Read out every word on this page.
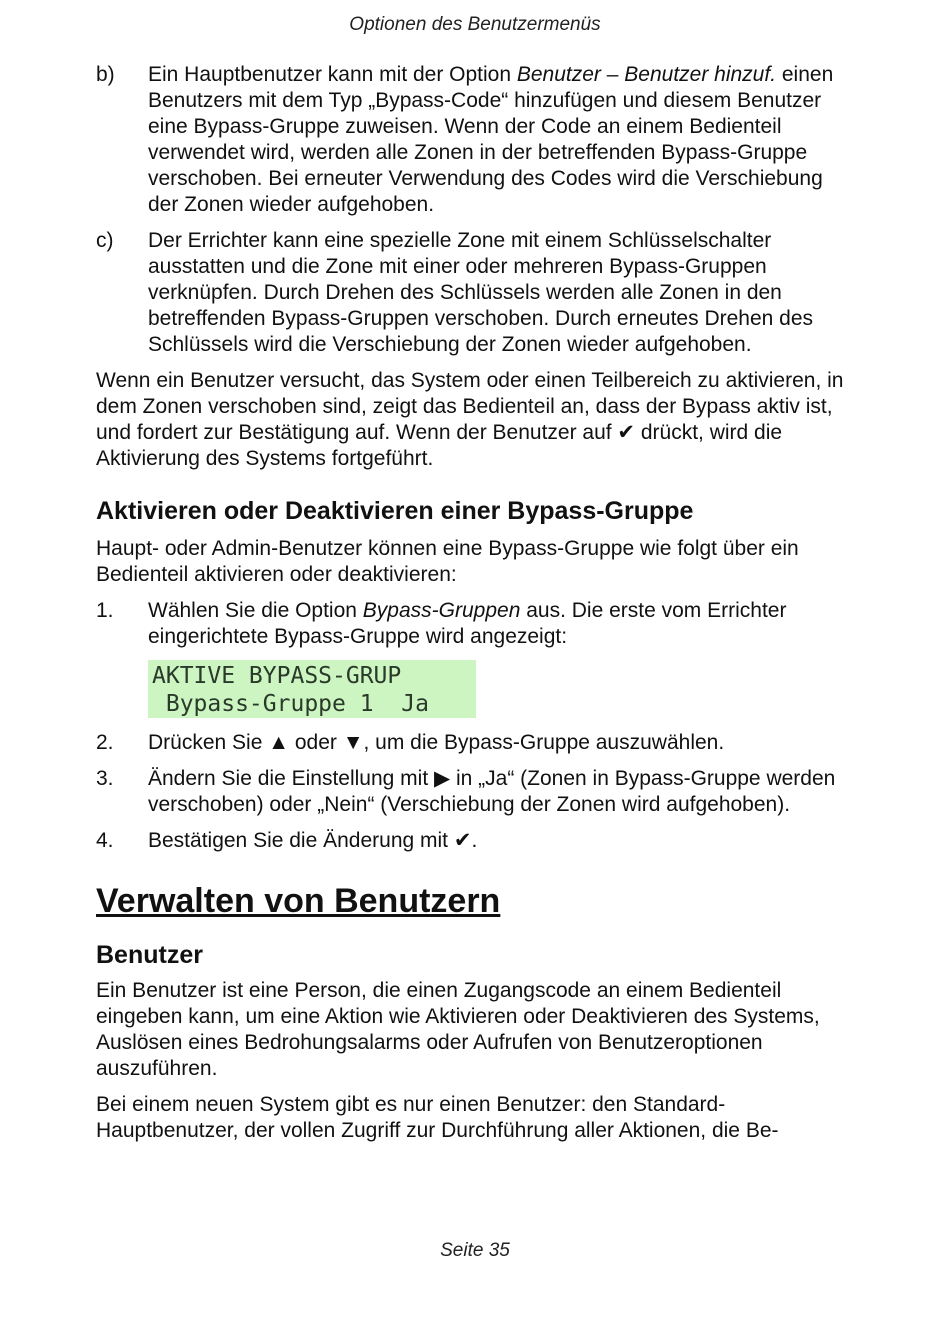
Optionen des Benutzermenüs
b)	Ein Hauptbenutzer kann mit der Option Benutzer – Benutzer hinzuf. einen Benutzers mit dem Typ „Bypass-Code“ hinzufügen und diesem Benutzer eine Bypass-Gruppe zuweisen. Wenn der Code an einem Bedienteil verwendet wird, werden alle Zonen in der betreffenden Bypass-Gruppe verschoben. Bei erneuter Verwendung des Codes wird die Verschiebung der Zonen wieder aufgehoben.
c)	Der Errichter kann eine spezielle Zone mit einem Schlüsselschalter ausstatten und die Zone mit einer oder mehreren Bypass-Gruppen verknüpfen. Durch Drehen des Schlüssels werden alle Zonen in den betreffenden Bypass-Gruppen verschoben. Durch erneutes Drehen des Schlüssels wird die Verschiebung der Zonen wieder aufgehoben.

Wenn ein Benutzer versucht, das System oder einen Teilbereich zu aktivieren, in dem Zonen verschoben sind, zeigt das Bedienteil an, dass der Bypass aktiv ist, und fordert zur Bestätigung auf. Wenn der Benutzer auf ✔ drückt, wird die Aktivierung des Systems fortgeführt.

Aktivieren oder Deaktivieren einer Bypass-Gruppe

Haupt- oder Admin-Benutzer können eine Bypass-Gruppe wie folgt über ein Bedienteil aktivieren oder deaktivieren:

1.	Wählen Sie die Option Bypass-Gruppen aus. Die erste vom Errichter eingerichtete Bypass-Gruppe wird angezeigt:
AKTIVE BYPASS-GRUP
Bypass-Gruppe 1  Ja
2.	Drücken Sie ▲ oder ▼, um die Bypass-Gruppe auszuwählen.
3.	Ändern Sie die Einstellung mit ▶ in „Ja“ (Zonen in Bypass-Gruppe werden verschoben) oder „Nein“ (Verschiebung der Zonen wird aufgehoben).
4.	Bestätigen Sie die Änderung mit ✔.
Verwalten von Benutzern
Benutzer

Ein Benutzer ist eine Person, die einen Zugangscode an einem Bedienteil eingeben kann, um eine Aktion wie Aktivieren oder Deaktivieren des Systems, Auslösen eines Bedrohungsalarms oder Aufrufen von Benutzeroptionen auszuführen.

Bei einem neuen System gibt es nur einen Benutzer: den Standard-Hauptbenutzer, der vollen Zugriff zur Durchführung aller Aktionen, die Be-

Seite 35
